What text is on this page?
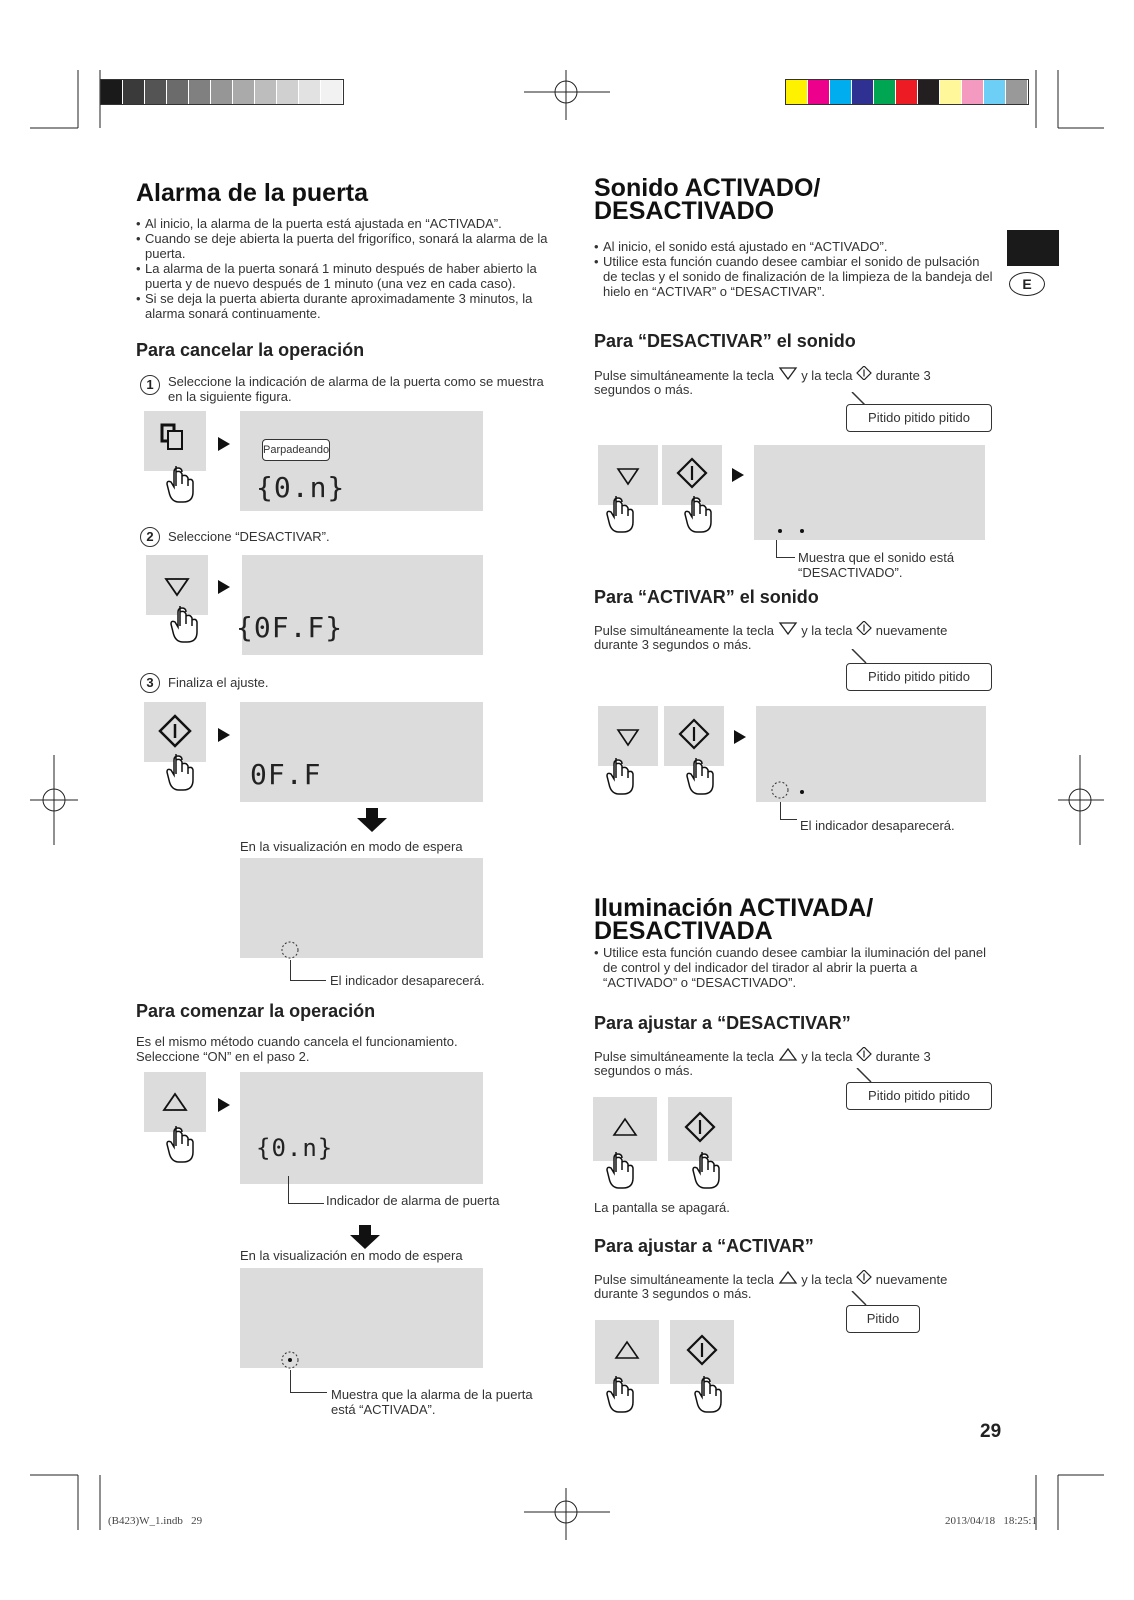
Alarma de la puerta
• Al inicio, la alarma de la puerta está ajustada en “ACTIVADA”.
• Cuando se deje abierta la puerta del frigorífico, sonará la alarma de la puerta.
• La alarma de la puerta sonará 1 minuto después de haber abierto la puerta y de nuevo después de 1 minuto (una vez en cada caso).
• Si se deja la puerta abierta durante aproximadamente 3 minutos, la alarma sonará continuamente.
Para cancelar la operación
1	Seleccione la indicación de alarma de la puerta como se muestra en la siguiente figura.
Parpadeando
{0.n}
2	Seleccione “DESACTIVAR”.
{0F.F}
3	Finaliza el ajuste.
0F.F
En la visualización en modo de espera
El indicador desaparecerá.
Para comenzar la operación
Es el mismo método cuando cancela el funcionamiento.
Seleccione “ON” en el paso 2.
{0.n}
Indicador de alarma de puerta
En la visualización en modo de espera
Muestra que la alarma de la puerta
está “ACTIVADA”.
Sonido ACTIVADO/
DESACTIVADO
• Al inicio, el sonido está ajustado en “ACTIVADO”.
• Utilice esta función cuando desee cambiar el sonido de pulsación de teclas y el sonido de finalización de la limpieza de la bandeja del hielo en “ACTIVAR” o “DESACTIVAR”.	E
Para “DESACTIVAR” el sonido
Pulse simultáneamente la tecla y la tecla durante 3
segundos o más.
Pitido pitido pitido
Muestra que el sonido está
“DESACTIVADO”.
Para “ACTIVAR” el sonido
Pulse simultáneamente la tecla y la tecla nuevamente
durante 3 segundos o más.
Pitido pitido pitido
El indicador desaparecerá.
Iluminación ACTIVADA/
DESACTIVADA
• Utilice esta función cuando desee cambiar la iluminación del panel de control y del indicador del tirador al abrir la puerta a “ACTIVADO” o “DESACTIVADO”.
Para ajustar a “DESACTIVAR”
Pulse simultáneamente la tecla y la tecla durante 3
segundos o más.
Pitido pitido pitido
La pantalla se apagará.
Para ajustar a “ACTIVAR”
Pulse simultáneamente la tecla y la tecla nuevamente
durante 3 segundos o más.
Pitido
29
(B423)W_1.indb   29	2013/04/18   18:25:1
